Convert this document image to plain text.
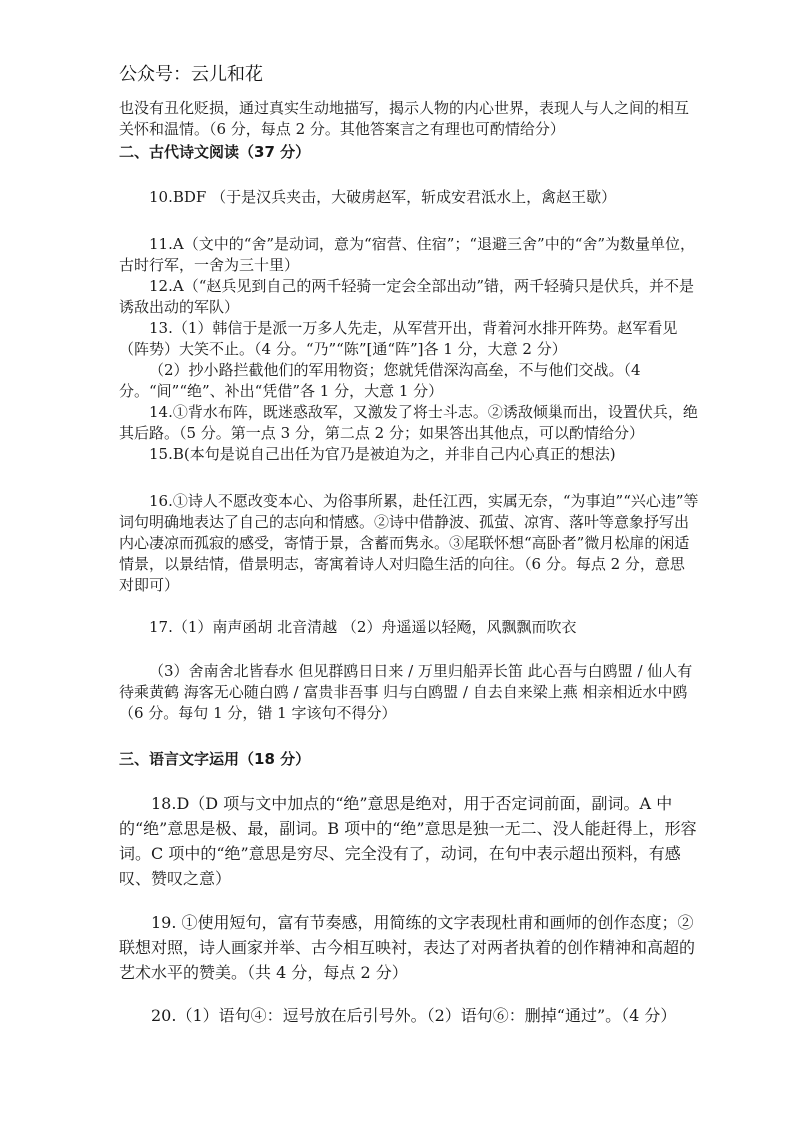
公众号：云儿和花

也没有丑化贬损，通过真实生动地描写，揭示人物的内心世界，表现人与人之间的相互关怀和温情。（6 分，每点 2 分。其他答案言之有理也可酌情给分）

二、古代诗文阅读（37 分）

10.BDF （于是汉兵夹击，大破虏赵军，斩成安君泜水上，禽赵王歇）

11.A（文中的“舍”是动词，意为“宿营、住宿”；“退避三舍”中的“舍”为数量单位，古时行军，一舍为三十里）

12.A（“赵兵见到自己的两千轻骑一定会全部出动”错，两千轻骑只是伏兵，并不是诱敌出动的军队）

13.（1）韩信于是派一万多人先走，从军营开出，背着河水排开阵势。赵军看见（阵势）大笑不止。（4 分。“乃”“陈”[通“阵”]各 1 分，大意 2 分）

（2）抄小路拦截他们的军用物资；您就凭借深沟高垒，不与他们交战。（4 分。“间”“绝”、补出“凭借”各 1 分，大意 1 分）

14.①背水布阵，既迷惑敌军，又激发了将士斗志。②诱敌倾巢而出，设置伏兵，绝其后路。（5 分。第一点 3 分，第二点 2 分；如果答出其他点，可以酌情给分）

15.B(本句是说自己出任为官乃是被迫为之，并非自己内心真正的想法)

16.①诗人不愿改变本心、为俗事所累，赴任江西，实属无奈，“为事迫”“兴心违”等词句明确地表达了自己的志向和情感。②诗中借静波、孤萤、凉宵、落叶等意象抒写出内心凄凉而孤寂的感受，寄情于景，含蓄而隽永。③尾联怀想“高卧者”微月松扉的闲适情景，以景结情，借景明志，寄寓着诗人对归隐生活的向往。（6 分。每点 2 分，意思对即可）

17.（1）南声函胡 北音清越 （2）舟遥遥以轻飏，风飘飘而吹衣

（3）舍南舍北皆春水 但见群鸥日日来 / 万里归船弄长笛 此心吾与白鸥盟 / 仙人有待乘黄鹤 海客无心随白鸥 / 富贵非吾事 归与白鸥盟 / 自去自来梁上燕 相亲相近水中鸥（6 分。每句 1 分，错 1 字该句不得分）

三、语言文字运用（18 分）

18.D（D 项与文中加点的“绝”意思是绝对，用于否定词前面，副词。A 中的“绝”意思是极、最，副词。B 项中的“绝”意思是独一无二、没人能赶得上，形容词。C 项中的“绝”意思是穷尽、完全没有了，动词，在句中表示超出预料，有感叹、赞叹之意）

19. ①使用短句，富有节奏感，用简练的文字表现杜甫和画师的创作态度；②联想对照，诗人画家并举、古今相互映衬，表达了对两者执着的创作精神和高超的艺术水平的赞美。（共 4 分，每点 2 分）

20.（1）语句④：逗号放在后引号外。（2）语句⑥：删掉“通过”。（4 分）
